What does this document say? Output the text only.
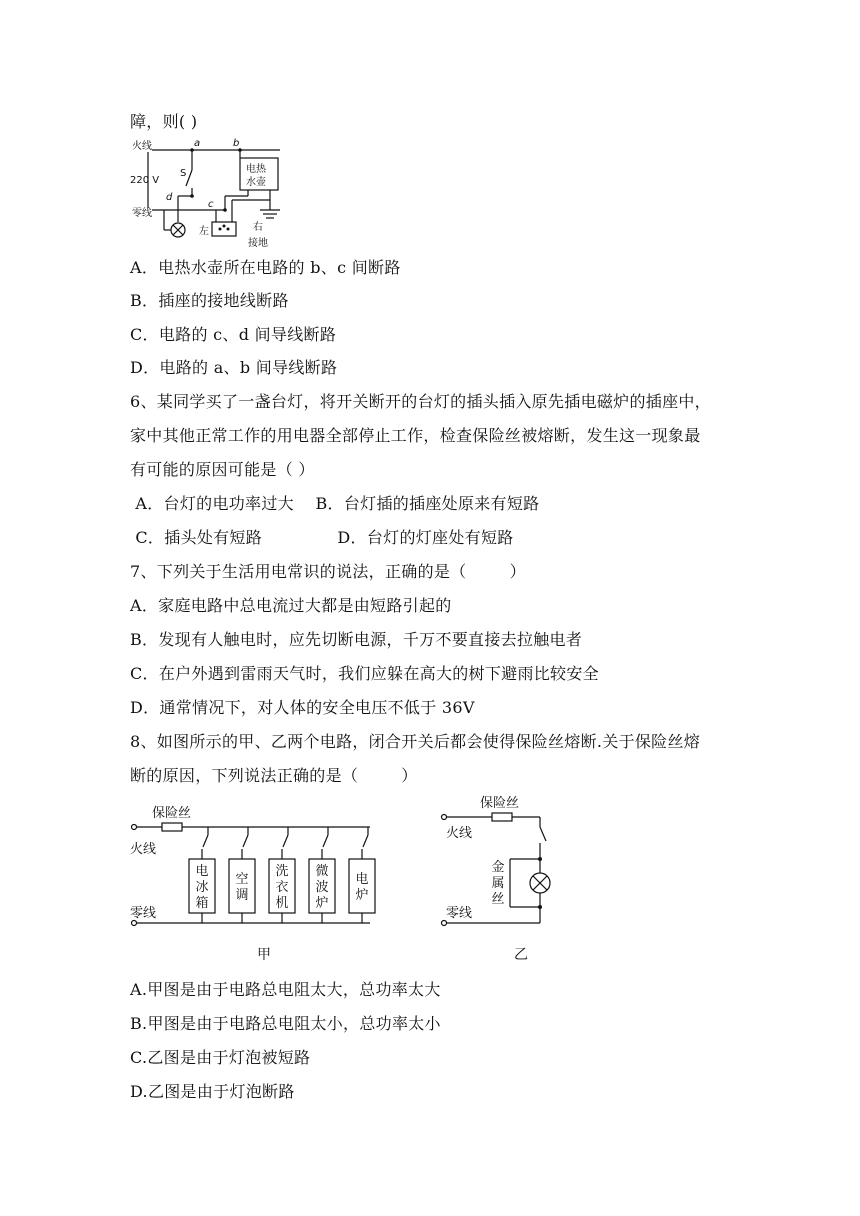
障，则( )
火线
220 V
零线
a	b
c
d
S	电热
水壶
左	右
接地
A．电热水壶所在电路的 b、c 间断路
B．插座的接地线断路
C．电路的 c、d 间导线断路
D．电路的 a、b 间导线断路
6、某同学买了一盏台灯，将开关断开的台灯的插头插入原先插电磁炉的插座中，
家中其他正常工作的用电器全部停止工作，检查保险丝被熔断，发生这一现象最
有可能的原因可能是（ ）
A．台灯的电功率过大    B．台灯插的插座处原来有短路
C．插头处有短路              D．台灯的灯座处有短路
7、下列关于生活用电常识的说法，正确的是（        ）
A．家庭电路中总电流过大都是由短路引起的
B．发现有人触电时，应先切断电源，千万不要直接去拉触电者
C．在户外遇到雷雨天气时，我们应躲在高大的树下避雨比较安全
D．通常情况下，对人体的安全电压不低于 36V
8、如图所示的甲、乙两个电路，闭合开关后都会使得保险丝熔断.关于保险丝熔
断的原因，下列说法正确的是（        ）
保险丝
火线
零线
电
冰
箱
空
调
洗
衣
机
微
波
炉
电
炉
甲
保险丝
火线
零线
金
属
丝
乙
A.甲图是由于电路总电阻太大，总功率太大
B.甲图是由于电路总电阻太小，总功率太小
C.乙图是由于灯泡被短路
D.乙图是由于灯泡断路
